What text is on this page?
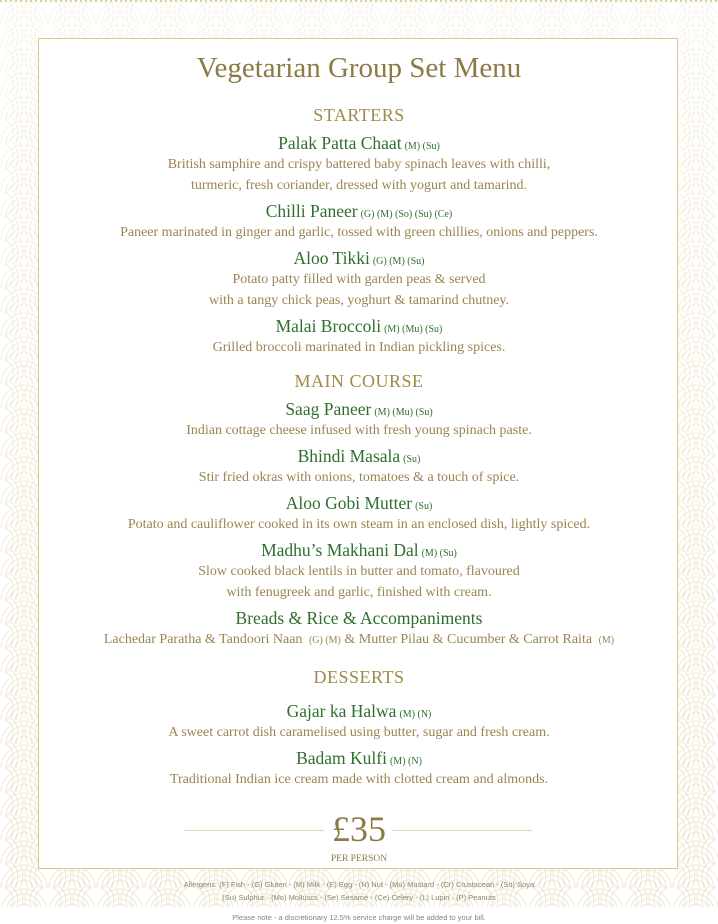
Vegetarian Group Set Menu
STARTERS
Palak Patta Chaat (M) (Su)
British samphire and crispy battered baby spinach leaves with chilli,
turmeric, fresh coriander, dressed with yogurt and tamarind.
Chilli Paneer (G) (M) (So) (Su) (Ce)
Paneer marinated in ginger and garlic, tossed with green chillies, onions and peppers.
Aloo Tikki (G) (M) (Su)
Potato patty filled with garden peas & served
with a tangy chick peas, yoghurt & tamarind chutney.
Malai Broccoli (M) (Mu) (Su)
Grilled broccoli marinated in Indian pickling spices.
MAIN COURSE
Saag Paneer (M) (Mu) (Su)
Indian cottage cheese infused with fresh young spinach paste.
Bhindi Masala (Su)
Stir fried okras with onions, tomatoes & a touch of spice.
Aloo Gobi Mutter (Su)
Potato and cauliflower cooked in its own steam in an enclosed dish, lightly spiced.
Madhu’s Makhani Dal (M) (Su)
Slow cooked black lentils in butter and tomato, flavoured
with fenugreek and garlic, finished with cream.
Breads & Rice & Accompaniments
Lachedar Paratha & Tandoori Naan (G) (M) & Mutter Pilau & Cucumber & Carrot Raita (M)
DESSERTS
Gajar ka Halwa (M) (N)
A sweet carrot dish caramelised using butter, sugar and fresh cream.
Badam Kulfi (M) (N)
Traditional Indian ice cream made with clotted cream and almonds.
£35
PER PERSON
Allergens: (F) Fish - (G) Gluten - (M) Milk - (E) Egg - (N) Nut - (Mu) Mustard - (Cr) Crustacean - (So) Soya
(Su) Sulphur - (Mo) Molluscs - (Se) Sesame - (Ce) Celery - (L) Lupin - (P) Peanuts
Please note - a discretionary 12.5% service charge will be added to your bill.
